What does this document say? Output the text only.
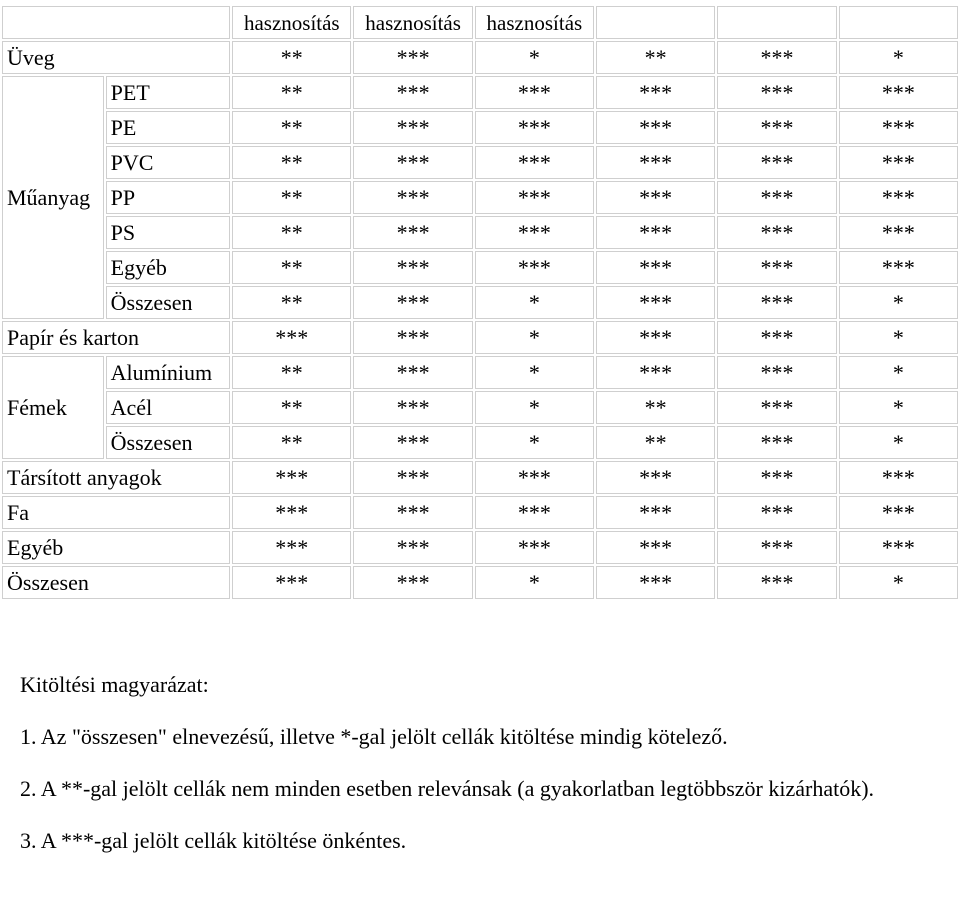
		hasznosítás	hasznosítás	hasznosítás			
Üveg		**	***	*	**	***	*
Műanyag	PET	**	***	***	***	***	***
	PE	**	***	***	***	***	***
	PVC	**	***	***	***	***	***
	PP	**	***	***	***	***	***
	PS	**	***	***	***	***	***
	Egyéb	**	***	***	***	***	***
	Összesen	**	***	*	***	***	*
Papír és karton		***	***	*	***	***	*
Fémek	Alumínium	**	***	*	***	***	*
	Acél	**	***	*	**	***	*
	Összesen	**	***	*	**	***	*
Társított anyagok		***	***	***	***	***	***
Fa		***	***	***	***	***	***
Egyéb		***	***	***	***	***	***
Összesen		***	***	*	***	***	*

Kitöltési magyarázat:

1. Az "összesen" elnevezésű, illetve *-gal jelölt cellák kitöltése mindig kötelező.

2. A **-gal jelölt cellák nem minden esetben relevánsak (a gyakorlatban legtöbbször kizárhatók).

3. A ***-gal jelölt cellák kitöltése önkéntes.
